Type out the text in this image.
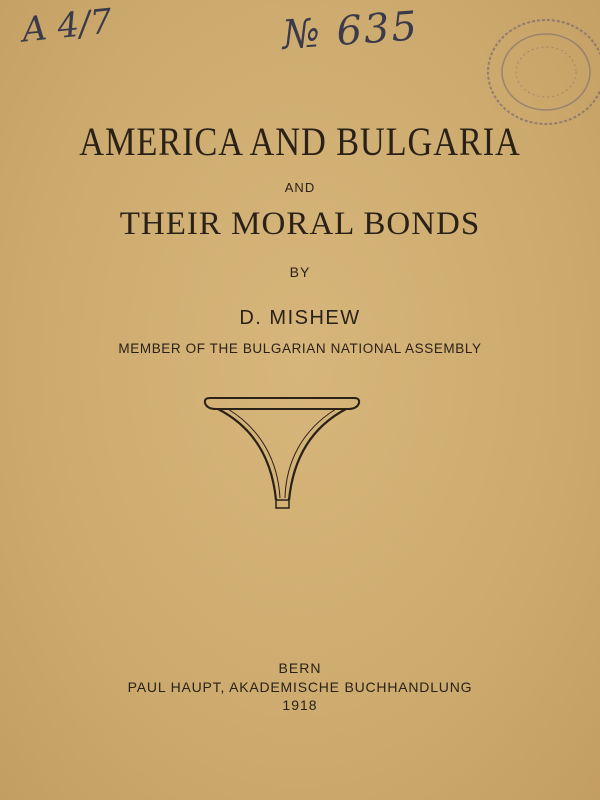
A 4/7	№ 635
AMERICA AND BULGARIA
AND
THEIR MORAL BONDS
BY
D. MISHEW
MEMBER OF THE BULGARIAN NATIONAL ASSEMBLY
BERN
PAUL HAUPT, AKADEMISCHE BUCHHANDLUNG
1918
